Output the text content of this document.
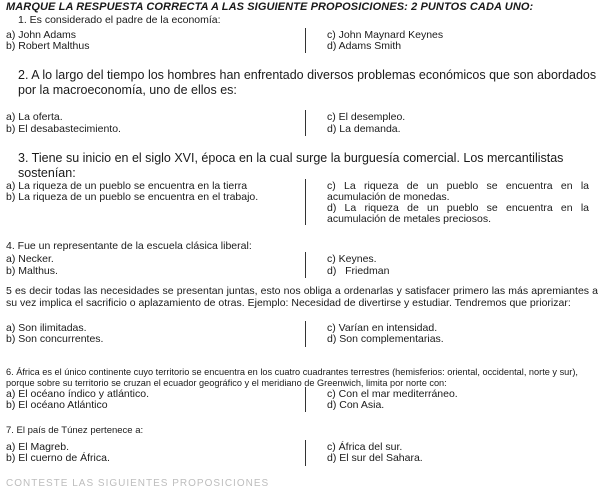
MARQUE LA RESPUESTA CORRECTA A LAS SIGUIENTE PROPOSICIONES: 2 PUNTOS CADA UNO:
1. Es considerado el padre de la economía:
a) John Adams
b) Robert Malthus
c) John Maynard Keynes
d) Adams Smith
2. A lo largo del tiempo los hombres han enfrentado diversos problemas económicos que son abordados por la macroeconomía, uno de ellos es:
a) La oferta.
b) El desabastecimiento.
c) El desempleo.
d) La demanda.
3. Tiene su inicio en el siglo XVI, época en la cual surge la burguesía comercial. Los mercantilistas sostenían:
a) La riqueza de un pueblo se encuentra en la tierra
b) La riqueza de un pueblo se encuentra en el trabajo.
c) La riqueza de un pueblo se encuentra en la acumulación de monedas.
d) La riqueza de un pueblo se encuentra en la acumulación de metales preciosos.
4. Fue un representante de la escuela clásica liberal:
a) Necker.
b) Malthus.
c) Keynes.
d)   Friedman
5 es decir todas las necesidades se presentan juntas, esto nos obliga a ordenarlas y satisfacer primero las más apremiantes a su vez implica el sacrificio o aplazamiento de otras. Ejemplo: Necesidad de divertirse y estudiar. Tendremos que priorizar:
a) Son ilimitadas.
b) Son concurrentes.
c) Varían en intensidad.
d) Son complementarias.
6. África es el único continente cuyo territorio se encuentra en los cuatro cuadrantes terrestres (hemisferios: oriental, occidental, norte y sur), porque sobre su territorio se cruzan el ecuador geográfico y el meridiano de Greenwich, limita por norte con:
a) El océano índico y atlántico.
b) El océano Atlántico
c) Con el mar mediterráneo.
d) Con Asia.
7. El país de Túnez pertenece a:
a) El Magreb.
b) El cuerno de África.
c) África del sur.
d) El sur del Sahara.
CONTESTE LAS SIGUIENTES PROPOSICIONES
